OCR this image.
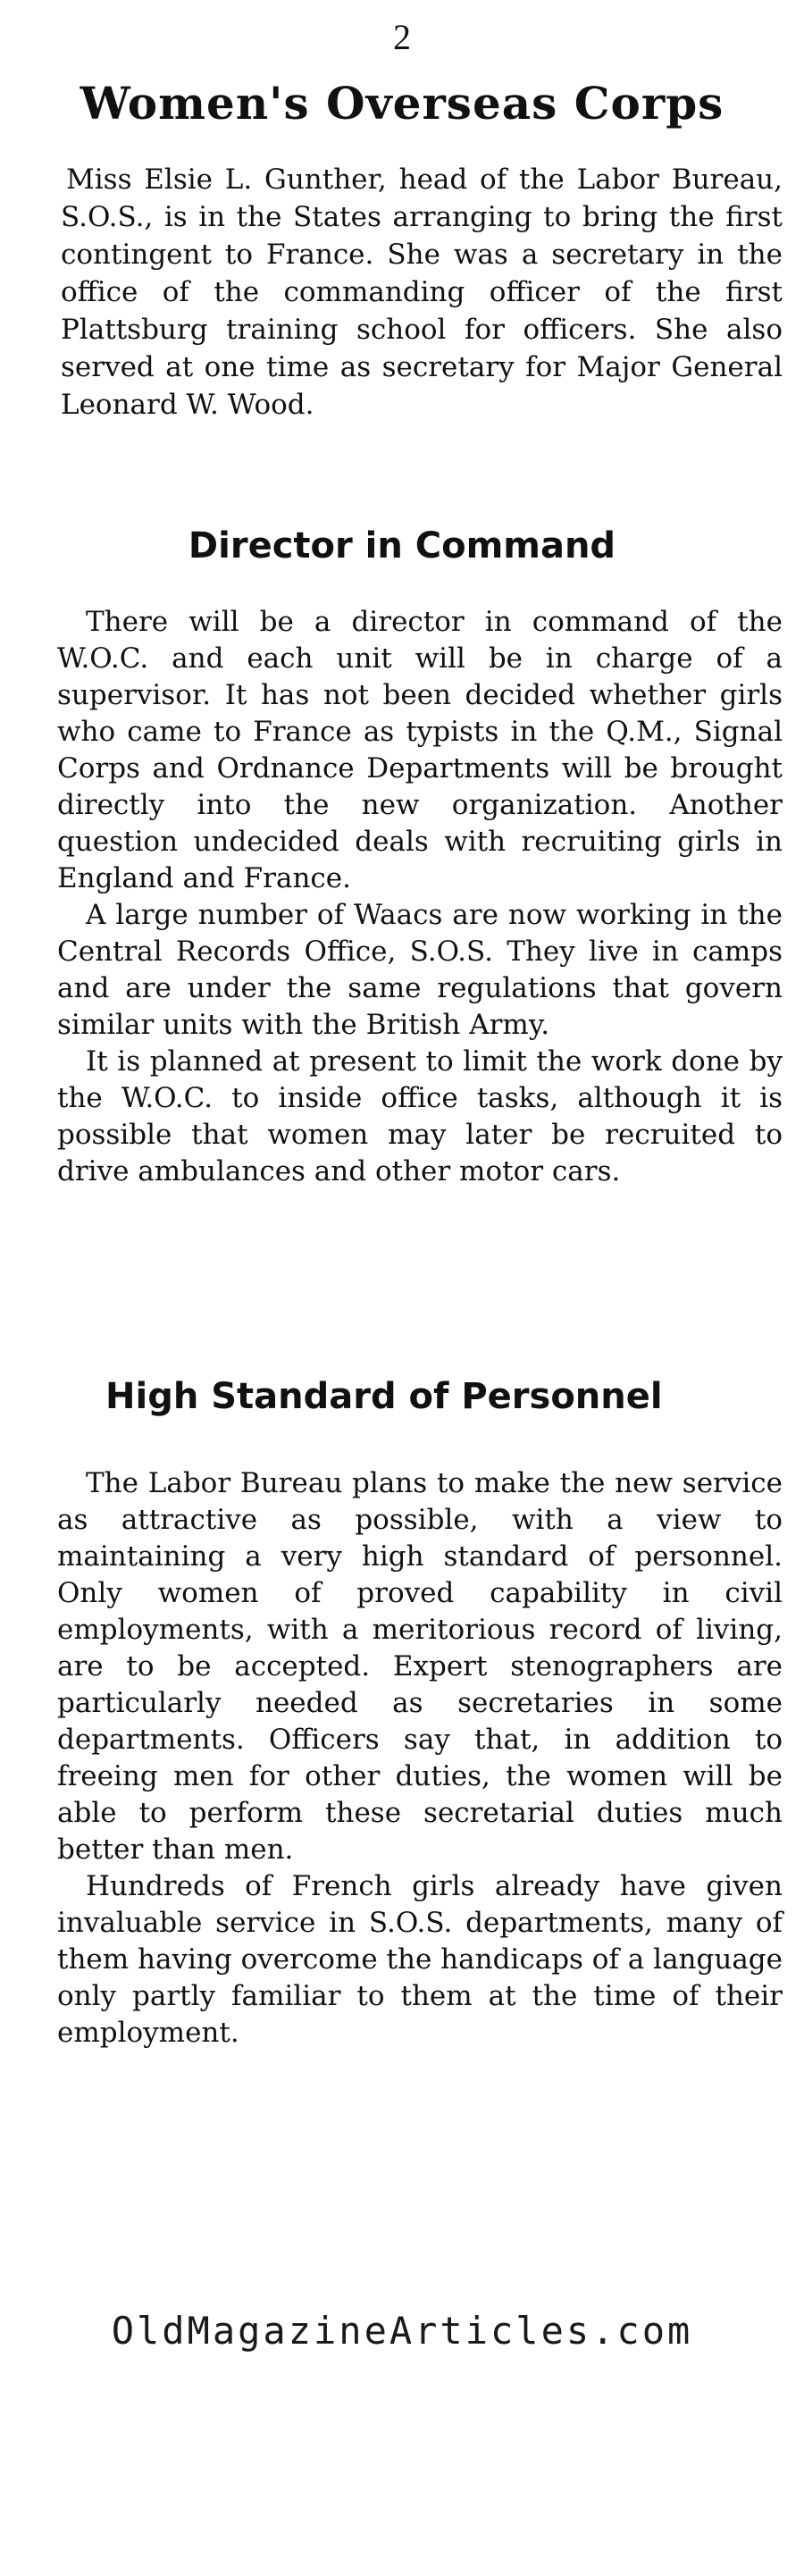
2
Women's Overseas Corps

Miss Elsie L. Gunther, head of the Labor Bureau, S.O.S., is in the States arranging to bring the first contingent to France. She was a secretary in the office of the commanding officer of the first Plattsburg training school for officers. She also served at one time as secretary for Major General Leonard W. Wood.

Director in Command

There will be a director in command of the W.O.C. and each unit will be in charge of a supervisor. It has not been decided whether girls who came to France as typists in the Q.M., Signal Corps and Ordnance Departments will be brought directly into the new organization. Another question undecided deals with recruiting girls in England and France.

A large number of Waacs are now working in the Central Records Office, S.O.S. They live in camps and are under the same regulations that govern similar units with the British Army.

It is planned at present to limit the work done by the W.O.C. to inside office tasks, although it is possible that women may later be recruited to drive ambulances and other motor cars.

High Standard of Personnel

The Labor Bureau plans to make the new service as attractive as possible, with a view to maintaining a very high standard of personnel. Only women of proved capability in civil employments, with a meritorious record of living, are to be accepted. Expert stenographers are particularly needed as secretaries in some departments. Officers say that, in addition to freeing men for other duties, the women will be able to perform these secretarial duties much better than men.

Hundreds of French girls already have given invaluable service in S.O.S. departments, many of them having overcome the handicaps of a language only partly familiar to them at the time of their employment.

OldMagazineArticles.com
